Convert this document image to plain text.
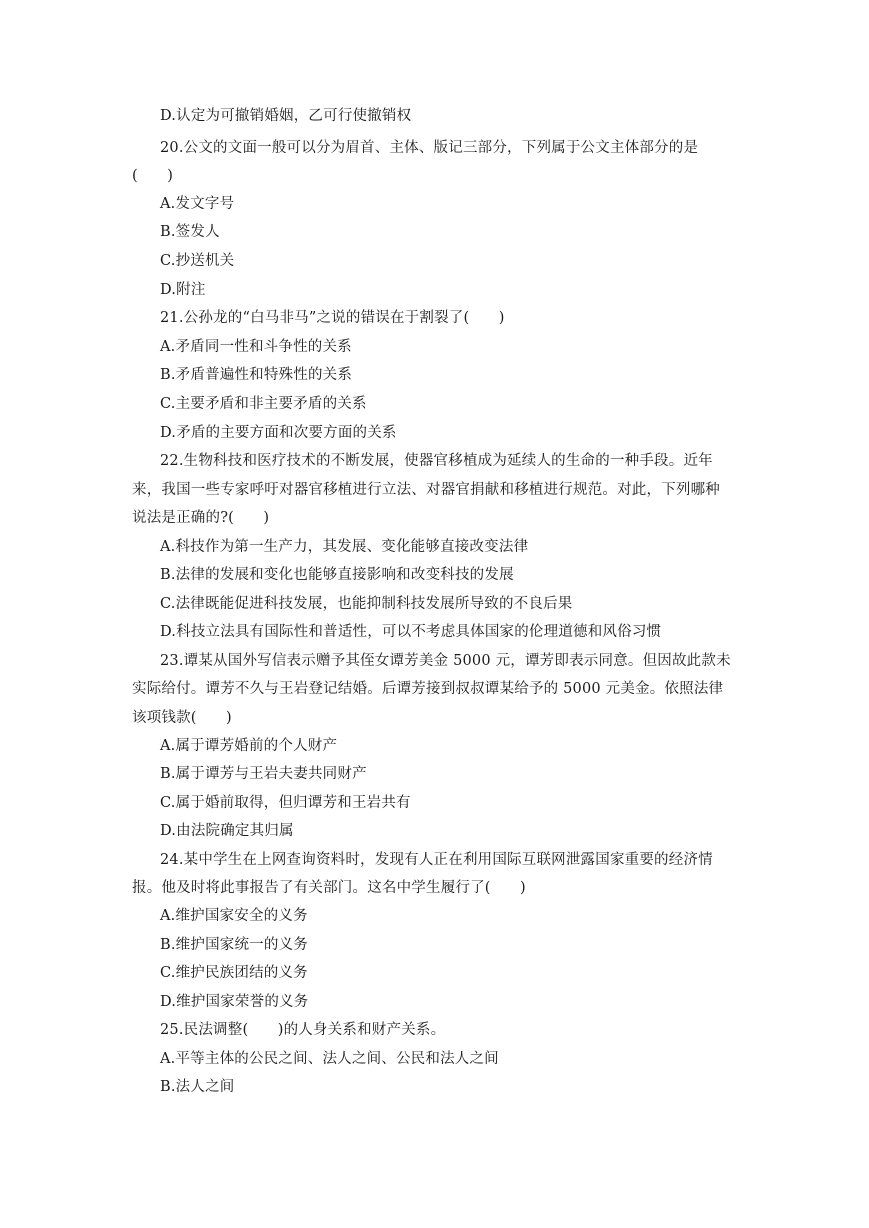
D.认定为可撤销婚姻，乙可行使撤销权
20.公文的文面一般可以分为眉首、主体、版记三部分，下列属于公文主体部分的是
(　　)
A.发文字号
B.签发人
C.抄送机关
D.附注
21.公孙龙的“白马非马”之说的错误在于割裂了(　　)
A.矛盾同一性和斗争性的关系
B.矛盾普遍性和特殊性的关系
C.主要矛盾和非主要矛盾的关系
D.矛盾的主要方面和次要方面的关系
22.生物科技和医疗技术的不断发展，使器官移植成为延续人的生命的一种手段。近年
来，我国一些专家呼吁对器官移植进行立法、对器官捐献和移植进行规范。对此，下列哪种
说法是正确的?(　　)
A.科技作为第一生产力，其发展、变化能够直接改变法律
B.法律的发展和变化也能够直接影响和改变科技的发展
C.法律既能促进科技发展，也能抑制科技发展所导致的不良后果
D.科技立法具有国际性和普适性，可以不考虑具体国家的伦理道德和风俗习惯
23.谭某从国外写信表示赠予其侄女谭芳美金 5000 元，谭芳即表示同意。但因故此款未
实际给付。谭芳不久与王岩登记结婚。后谭芳接到叔叔谭某给予的 5000 元美金。依照法律
该项钱款(　　)
A.属于谭芳婚前的个人财产
B.属于谭芳与王岩夫妻共同财产
C.属于婚前取得，但归谭芳和王岩共有
D.由法院确定其归属
24.某中学生在上网查询资料时，发现有人正在利用国际互联网泄露国家重要的经济情
报。他及时将此事报告了有关部门。这名中学生履行了(　　)
A.维护国家安全的义务
B.维护国家统一的义务
C.维护民族团结的义务
D.维护国家荣誉的义务
25.民法调整(　　)的人身关系和财产关系。
A.平等主体的公民之间、法人之间、公民和法人之间
B.法人之间
